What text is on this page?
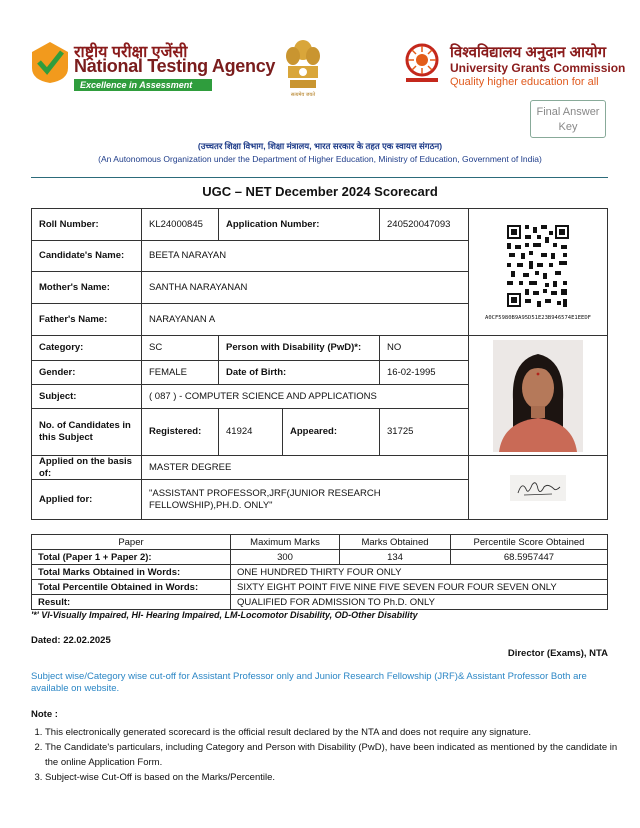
राष्ट्रीय परीक्षा एजेंसी
National Testing Agency
Excellence in Assessment
सत्यमेव जयते
विश्वविद्यालय अनुदान आयोग
University Grants Commission
Quality higher education for all
Final Answer Key
(उच्चतर शिक्षा विभाग, शिक्षा मंत्रालय, भारत सरकार के तहत एक स्वायत्त संगठन)
(An Autonomous Organization under the Department of Higher Education, Ministry of Education, Government of India)
UGC – NET December 2024 Scorecard
Roll Number:	KL24000845	Application Number:	240520047093
Candidate's Name:	BEETA NARAYAN
Mother's Name:	SANTHA NARAYANAN
Father's Name:	NARAYANAN A
Category:	SC	Person with Disability (PwD)*:	NO
Gender:	FEMALE	Date of Birth:	16-02-1995
Subject:	( 087 ) - COMPUTER SCIENCE AND APPLICATIONS
No. of Candidates in this Subject
Registered:	41924	Appeared:	31725
Applied on the basis of:
MASTER DEGREE
Applied for:
"ASSISTANT PROFESSOR,JRF(JUNIOR RESEARCH FELLOWSHIP),PH.D. ONLY"
A0CF5980B9A95D51E23B946574E1EEDF
Paper	Maximum Marks	Marks Obtained	Percentile Score Obtained
Total (Paper 1 + Paper 2):	300	134	68.5957447
Total Marks Obtained in Words:	ONE HUNDRED THIRTY FOUR ONLY		
Total Percentile Obtained in Words:	SIXTY EIGHT POINT FIVE NINE FIVE SEVEN FOUR FOUR SEVEN ONLY		
Result:	QUALIFIED FOR ADMISSION TO Ph.D. ONLY		
'*' VI-Visually Impaired, HI- Hearing Impaired, LM-Locomotor Disability, OD-Other Disability
Dated: 22.02.2025
Director (Exams), NTA
Subject wise/Category wise cut-off for Assistant Professor only and Junior Research Fellowship (JRF)& Assistant Professor Both are available on website.
Note :
1. This electronically generated scorecard is the official result declared by the NTA and does not require any signature.
2. The Candidate's particulars, including Category and Person with Disability (PwD), have been indicated as mentioned by the candidate in the online Application Form.
3. Subject-wise Cut-Off is based on the Marks/Percentile.
